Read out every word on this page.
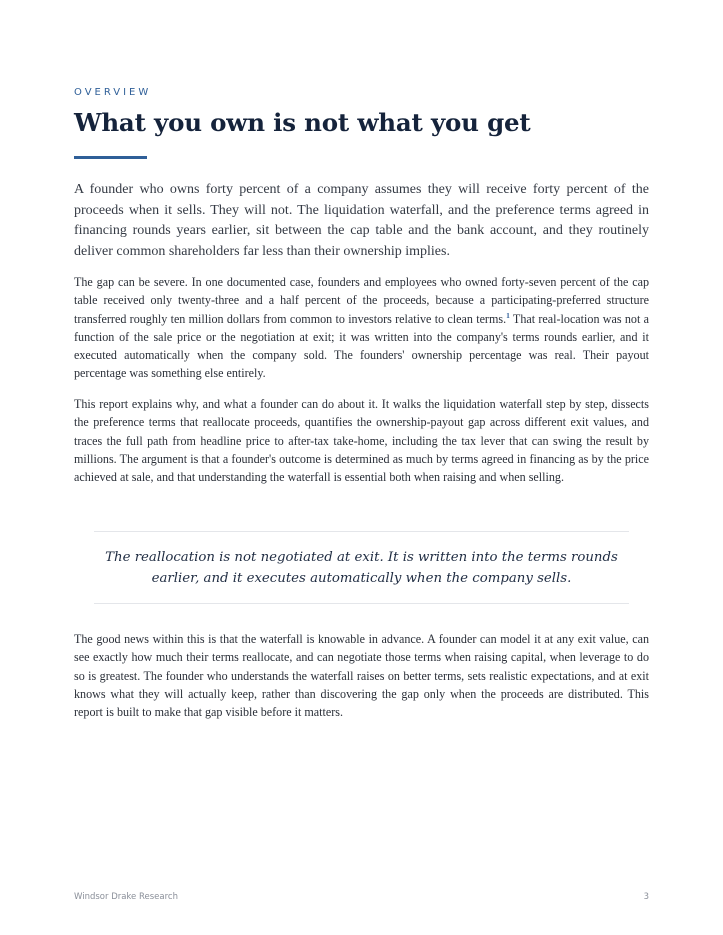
OVERVIEW
What you own is not what you get

A founder who owns forty percent of a company assumes they will receive forty percent of the proceeds when it sells. They will not. The liquidation waterfall, and the preference terms agreed in financing rounds years earlier, sit between the cap table and the bank account, and they routinely deliver common shareholders far less than their ownership implies.

The gap can be severe. In one documented case, founders and employees who owned forty-seven percent of the cap table received only twenty-three and a half percent of the proceeds, because a participating-preferred structure transferred roughly ten million dollars from common to investors relative to clean terms.$^1$ That real-location was not a function of the sale price or the negotiation at exit; it was written into the company's terms rounds earlier, and it executed automatically when the company sold. The founders' ownership percentage was real. Their payout percentage was something else entirely.

This report explains why, and what a founder can do about it. It walks the liquidation waterfall step by step, dissects the preference terms that reallocate proceeds, quantifies the ownership-payout gap across different exit values, and traces the full path from headline price to after-tax take-home, including the tax lever that can swing the result by millions. The argument is that a founder's outcome is determined as much by terms agreed in financing as by the price achieved at sale, and that understanding the waterfall is essential both when raising and when selling.

The reallocation is not negotiated at exit. It is written into the terms rounds earlier, and it executes automatically when the company sells.

The good news within this is that the waterfall is knowable in advance. A founder can model it at any exit value, can see exactly how much their terms reallocate, and can negotiate those terms when raising capital, when leverage to do so is greatest. The founder who understands the waterfall raises on better terms, sets realistic expectations, and at exit knows what they will actually keep, rather than discovering the gap only when the proceeds are distributed. This report is built to make that gap visible before it matters.

Windsor Drake Research	3
